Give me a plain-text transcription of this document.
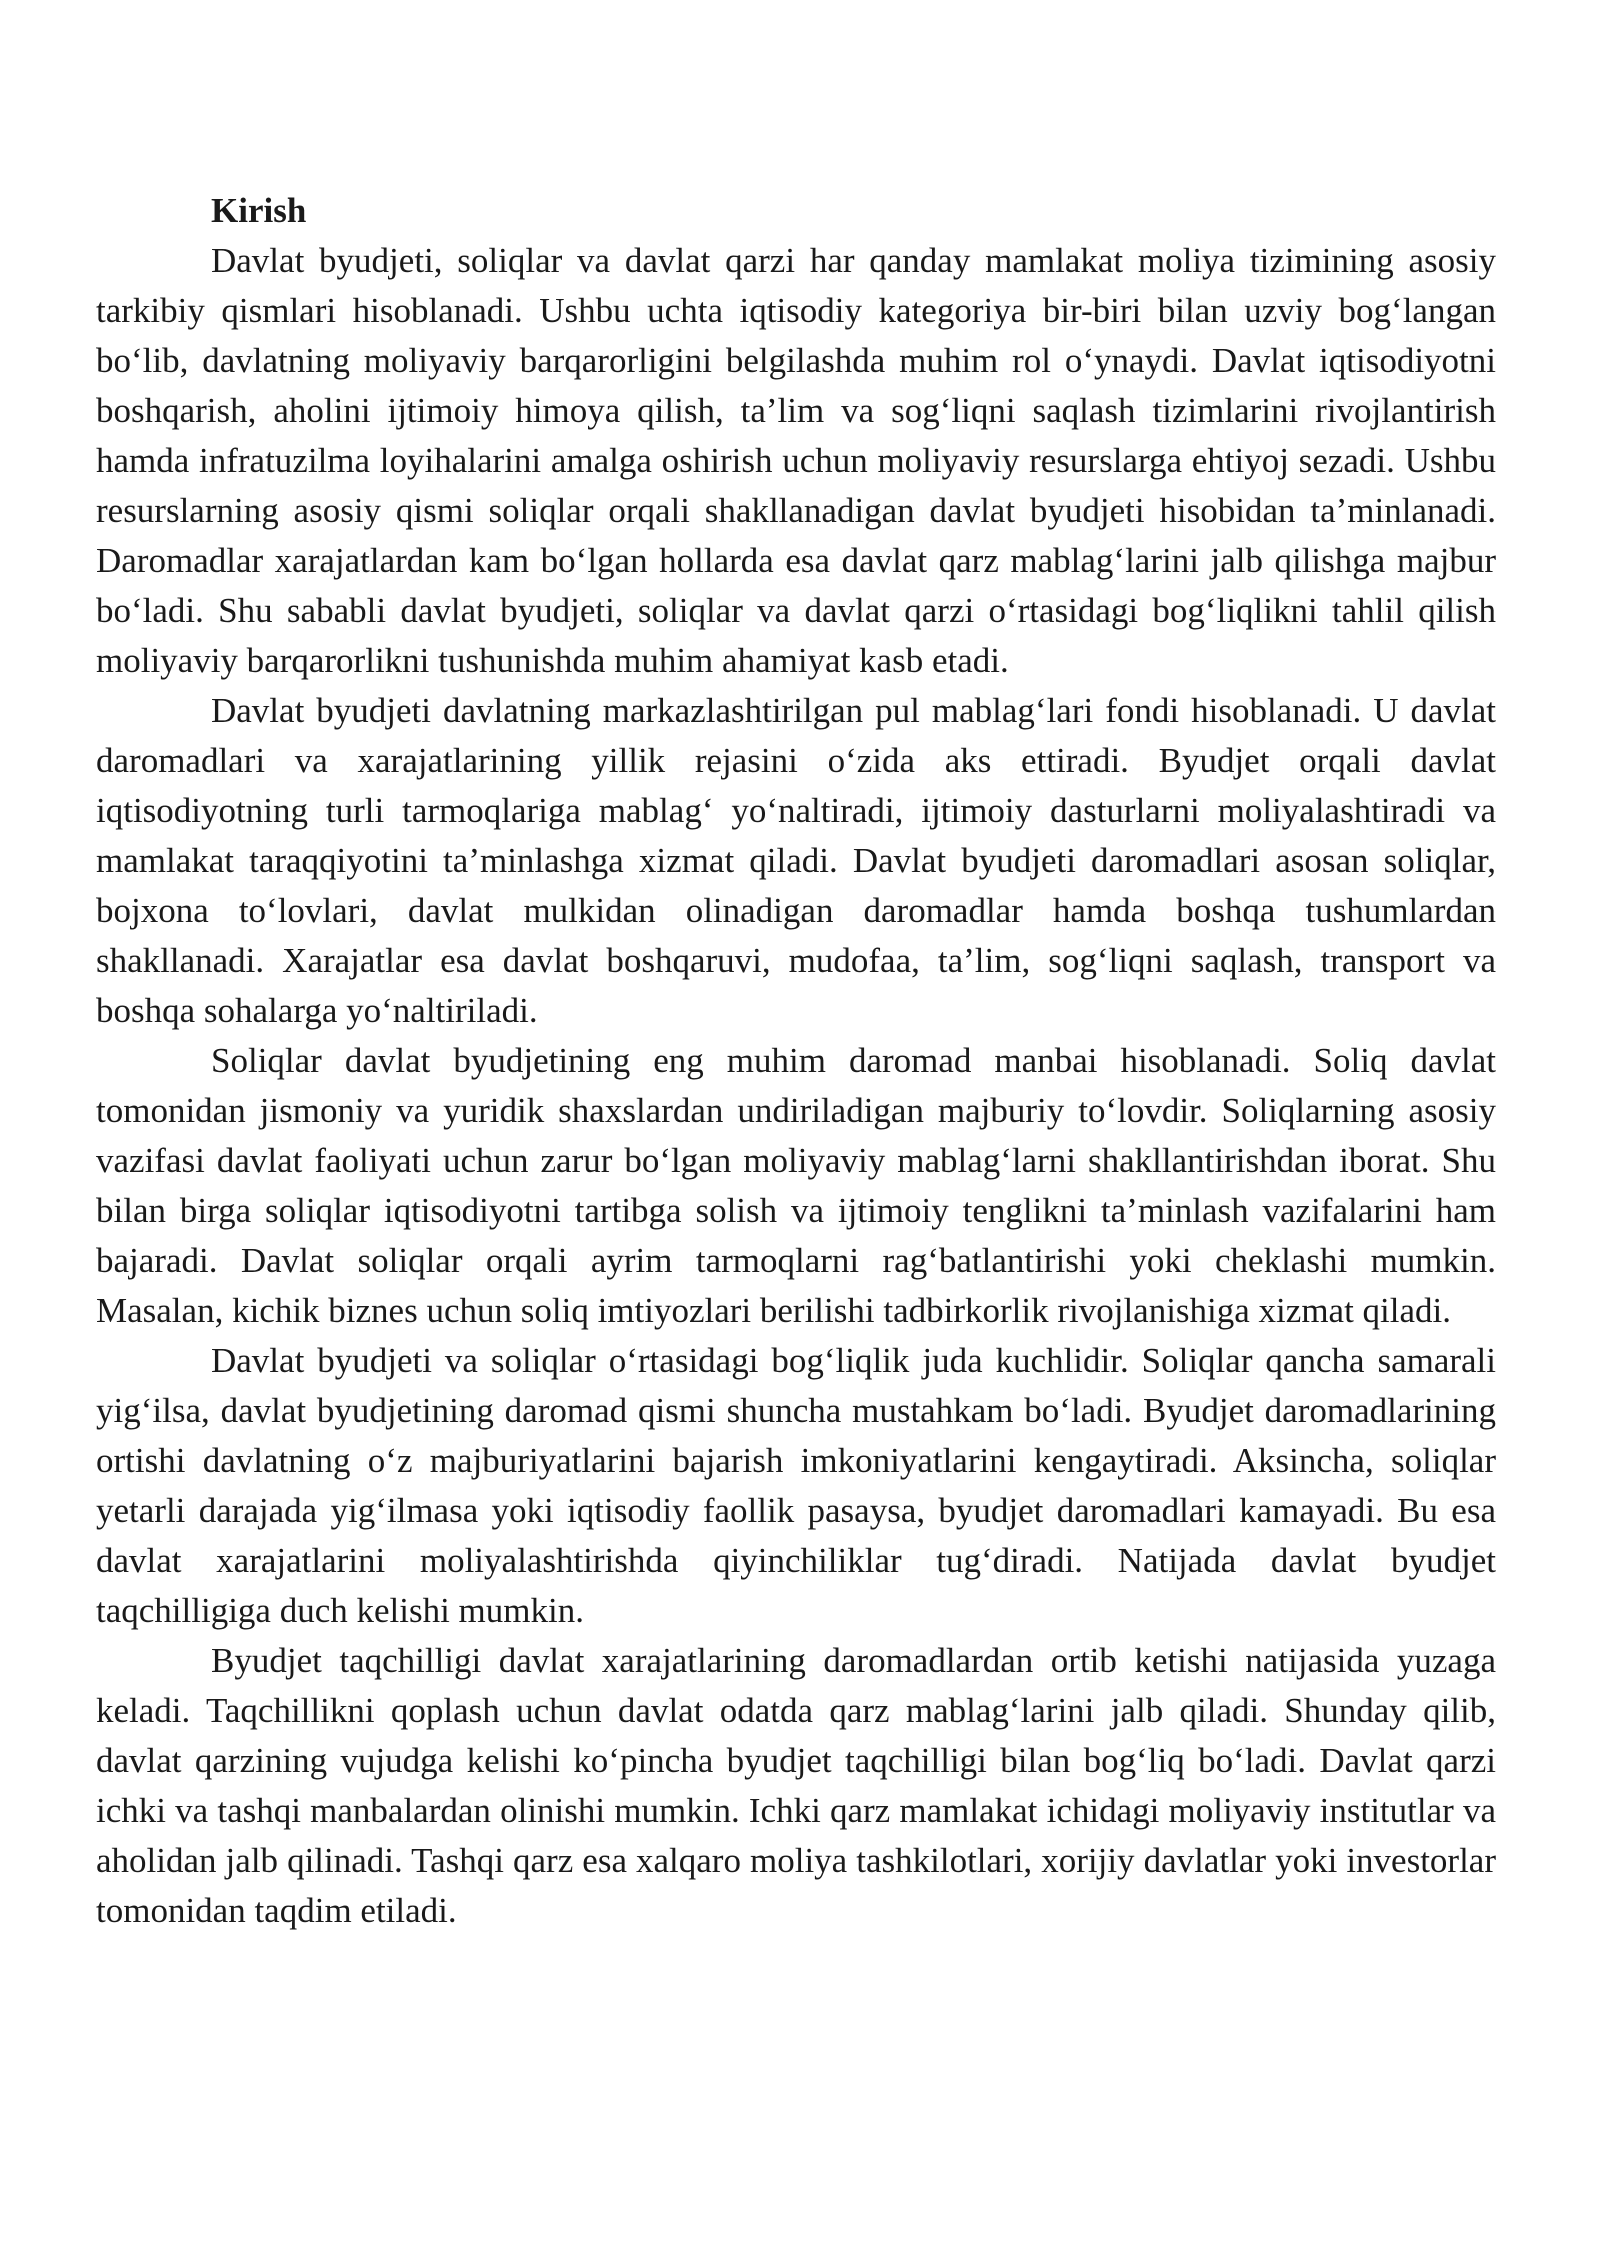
Kirish

Davlat byudjeti, soliqlar va davlat qarzi har qanday mamlakat moliya tizimining asosiy tarkibiy qismlari hisoblanadi. Ushbu uchta iqtisodiy kategoriya bir-biri bilan uzviy bog‘langan bo‘lib, davlatning moliyaviy barqarorligini belgilashda muhim rol o‘ynaydi. Davlat iqtisodiyotni boshqarish, aholini ijtimoiy himoya qilish, ta’lim va sog‘liqni saqlash tizimlarini rivojlantirish hamda infratuzilma loyihalarini amalga oshirish uchun moliyaviy resurslarga ehtiyoj sezadi. Ushbu resurslarning asosiy qismi soliqlar orqali shakllanadigan davlat byudjeti hisobidan ta’minlanadi. Daromadlar xarajatlardan kam bo‘lgan hollarda esa davlat qarz mablag‘larini jalb qilishga majbur bo‘ladi. Shu sababli davlat byudjeti, soliqlar va davlat qarzi o‘rtasidagi bog‘liqlikni tahlil qilish moliyaviy barqarorlikni tushunishda muhim ahamiyat kasb etadi.

Davlat byudjeti davlatning markazlashtirilgan pul mablag‘lari fondi hisoblanadi. U davlat daromadlari va xarajatlarining yillik rejasini o‘zida aks ettiradi. Byudjet orqali davlat iqtisodiyotning turli tarmoqlariga mablag‘ yo‘naltiradi, ijtimoiy dasturlarni moliyalashtiradi va mamlakat taraqqiyotini ta’minlashga xizmat qiladi. Davlat byudjeti daromadlari asosan soliqlar, bojxona to‘lovlari, davlat mulkidan olinadigan daromadlar hamda boshqa tushumlardan shakllanadi. Xarajatlar esa davlat boshqaruvi, mudofaa, ta’lim, sog‘liqni saqlash, transport va boshqa sohalarga yo‘naltiriladi.

Soliqlar davlat byudjetining eng muhim daromad manbai hisoblanadi. Soliq davlat tomonidan jismoniy va yuridik shaxslardan undiriladigan majburiy to‘lovdir. Soliqlarning asosiy vazifasi davlat faoliyati uchun zarur bo‘lgan moliyaviy mablag‘larni shakllantirishdan iborat. Shu bilan birga soliqlar iqtisodiyotni tartibga solish va ijtimoiy tenglikni ta’minlash vazifalarini ham bajaradi. Davlat soliqlar orqali ayrim tarmoqlarni rag‘batlantirishi yoki cheklashi mumkin. Masalan, kichik biznes uchun soliq imtiyozlari berilishi tadbirkorlik rivojlanishiga xizmat qiladi.

Davlat byudjeti va soliqlar o‘rtasidagi bog‘liqlik juda kuchlidir. Soliqlar qancha samarali yig‘ilsa, davlat byudjetining daromad qismi shuncha mustahkam bo‘ladi. Byudjet daromadlarining ortishi davlatning o‘z majburiyatlarini bajarish imkoniyatlarini kengaytiradi. Aksincha, soliqlar yetarli darajada yig‘ilmasa yoki iqtisodiy faollik pasaysa, byudjet daromadlari kamayadi. Bu esa davlat xarajatlarini moliyalashtirishda qiyinchiliklar tug‘diradi. Natijada davlat byudjet taqchilligiga duch kelishi mumkin.

Byudjet taqchilligi davlat xarajatlarining daromadlardan ortib ketishi natijasida yuzaga keladi. Taqchillikni qoplash uchun davlat odatda qarz mablag‘larini jalb qiladi. Shunday qilib, davlat qarzining vujudga kelishi ko‘pincha byudjet taqchilligi bilan bog‘liq bo‘ladi. Davlat qarzi ichki va tashqi manbalardan olinishi mumkin. Ichki qarz mamlakat ichidagi moliyaviy institutlar va aholidan jalb qilinadi. Tashqi qarz esa xalqaro moliya tashkilotlari, xorijiy davlatlar yoki investorlar tomonidan taqdim etiladi.
